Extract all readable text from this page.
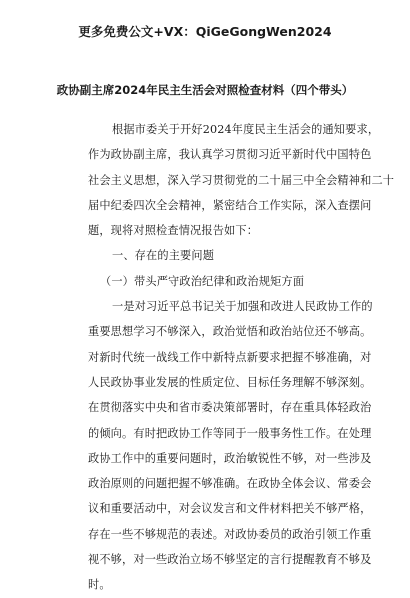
更多免费公文+VX：QiGeGongWen2024
政协副主席2024年民主生活会对照检查材料（四个带头）
根据市委关于开好2024年度民主生活会的通知要求，
作为政协副主席，我认真学习贯彻习近平新时代中国特色
社会主义思想，深入学习贯彻党的二十届三中全会精神和二十
届中纪委四次全会精神，紧密结合工作实际，深入查摆问
题，现将对照检查情况报告如下：
一、存在的主要问题
（一）带头严守政治纪律和政治规矩方面
一是对习近平总书记关于加强和改进人民政协工作的
重要思想学习不够深入，政治觉悟和政治站位还不够高。
对新时代统一战线工作中新特点新要求把握不够准确，对
人民政协事业发展的性质定位、目标任务理解不够深刻。
在贯彻落实中央和省市委决策部署时，存在重具体轻政治
的倾向。有时把政协工作等同于一般事务性工作。在处理
政协工作中的重要问题时，政治敏锐性不够，对一些涉及
政治原则的问题把握不够准确。在政协全体会议、常委会
议和重要活动中，对会议发言和文件材料把关不够严格，
存在一些不够规范的表述。对政协委员的政治引领工作重
视不够，对一些政治立场不够坚定的言行提醒教育不够及
时。
